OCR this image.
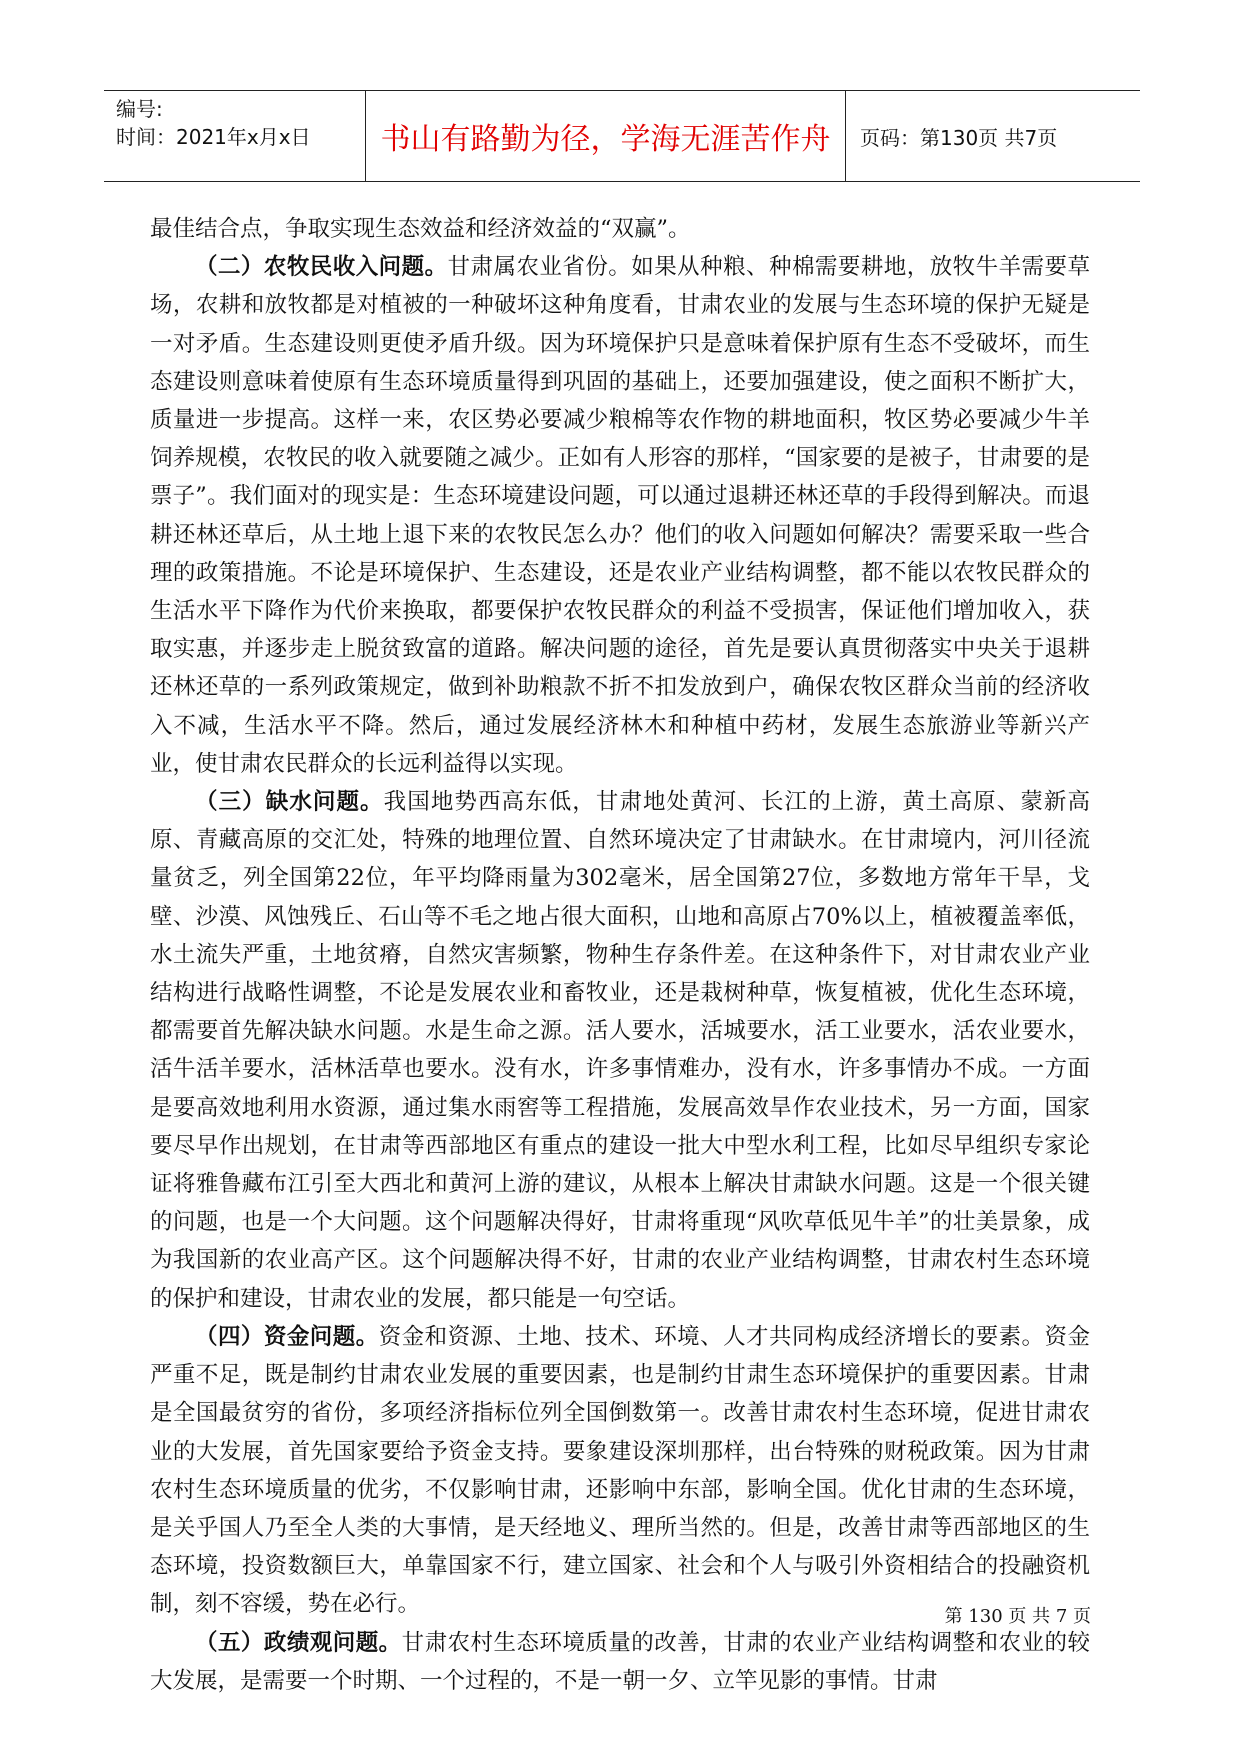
编号:
时间：2021年x月x日 书山有路勤为径，学海无涯苦作舟 页码：第130页 共7页

最佳结合点，争取实现生态效益和经济效益的“双赢”。

（二）农牧民收入问题。甘肃属农业省份。如果从种粮、种棉需要耕地，放牧牛羊需要草场，农耕和放牧都是对植被的一种破坏这种角度看，甘肃农业的发展与生态环境的保护无疑是一对矛盾。生态建设则更使矛盾升级。因为环境保护只是意味着保护原有生态不受破坏，而生态建设则意味着使原有生态环境质量得到巩固的基础上，还要加强建设，使之面积不断扩大，质量进一步提高。这样一来，农区势必要减少粮棉等农作物的耕地面积，牧区势必要减少牛羊饲养规模，农牧民的收入就要随之减少。正如有人形容的那样，“国家要的是被子，甘肃要的是票子”。我们面对的现实是：生态环境建设问题，可以通过退耕还林还草的手段得到解决。而退耕还林还草后，从土地上退下来的农牧民怎么办？他们的收入问题如何解决？需要采取一些合理的政策措施。不论是环境保护、生态建设，还是农业产业结构调整，都不能以农牧民群众的生活水平下降作为代价来换取，都要保护农牧民群众的利益不受损害，保证他们增加收入，获取实惠，并逐步走上脱贫致富的道路。解决问题的途径，首先是要认真贯彻落实中央关于退耕还林还草的一系列政策规定，做到补助粮款不折不扣发放到户，确保农牧区群众当前的经济收入不减，生活水平不降。然后，通过发展经济林木和种植中药材，发展生态旅游业等新兴产业，使甘肃农民群众的长远利益得以实现。

（三）缺水问题。我国地势西高东低，甘肃地处黄河、长江的上游，黄土高原、蒙新高原、青藏高原的交汇处，特殊的地理位置、自然环境决定了甘肃缺水。在甘肃境内，河川径流量贫乏，列全国第22位，年平均降雨量为302毫米，居全国第27位，多数地方常年干旱，戈壁、沙漠、风蚀残丘、石山等不毛之地占很大面积，山地和高原占70%以上，植被覆盖率低，水土流失严重，土地贫瘠，自然灾害频繁，物种生存条件差。在这种条件下，对甘肃农业产业结构进行战略性调整，不论是发展农业和畜牧业，还是栽树种草，恢复植被，优化生态环境，都需要首先解决缺水问题。水是生命之源。活人要水，活城要水，活工业要水，活农业要水，活牛活羊要水，活林活草也要水。没有水，许多事情难办，没有水，许多事情办不成。一方面是要高效地利用水资源，通过集水雨窖等工程措施，发展高效旱作农业技术，另一方面，国家要尽早作出规划，在甘肃等西部地区有重点的建设一批大中型水利工程，比如尽早组织专家论证将雅鲁藏布江引至大西北和黄河上游的建议，从根本上解决甘肃缺水问题。这是一个很关键的问题，也是一个大问题。这个问题解决得好，甘肃将重现“风吹草低见牛羊”的壮美景象，成为我国新的农业高产区。这个问题解决得不好，甘肃的农业产业结构调整，甘肃农村生态环境的保护和建设，甘肃农业的发展，都只能是一句空话。

（四）资金问题。资金和资源、土地、技术、环境、人才共同构成经济增长的要素。资金严重不足，既是制约甘肃农业发展的重要因素，也是制约甘肃生态环境保护的重要因素。甘肃是全国最贫穷的省份，多项经济指标位列全国倒数第一。改善甘肃农村生态环境，促进甘肃农业的大发展，首先国家要给予资金支持。要象建设深圳那样，出台特殊的财税政策。因为甘肃农村生态环境质量的优劣，不仅影响甘肃，还影响中东部，影响全国。优化甘肃的生态环境，是关乎国人乃至全人类的大事情，是天经地义、理所当然的。但是，改善甘肃等西部地区的生态环境，投资数额巨大，单靠国家不行，建立国家、社会和个人与吸引外资相结合的投融资机制，刻不容缓，势在必行。

（五）政绩观问题。甘肃农村生态环境质量的改善，甘肃的农业产业结构调整和农业的较大发展，是需要一个时期、一个过程的，不是一朝一夕、立竿见影的事情。甘肃

第 130 页 共 7 页
